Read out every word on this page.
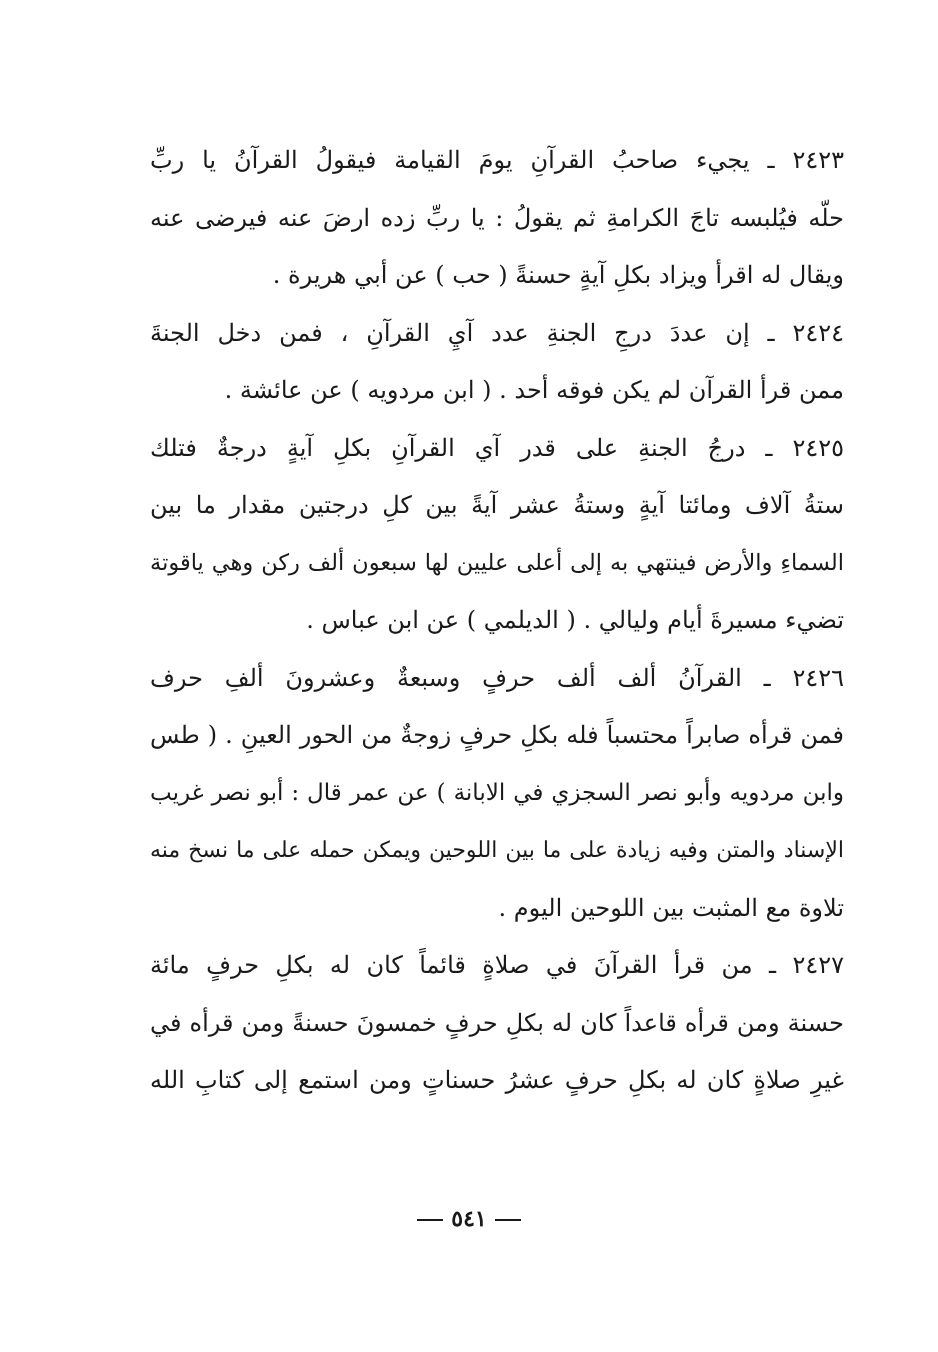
٢٤٢٣ ـ يجيء صاحبُ القرآنِ يومَ القيامة فيقولُ القرآنُ يا ربِّ
حلّه فيُلبسه تاجَ الكرامةِ ثم يقولُ : يا ربِّ زده ارضَ عنه فيرضى عنه
ويقال له اقرأ ويزاد بكلِ آيةٍ حسنةً ( حب ) عن أبي هريرة .
٢٤٢٤ ـ إن عددَ درجِ الجنةِ عدد آيِ القرآنِ ، فمن دخل الجنةَ
ممن قرأ القرآن لم يكن فوقه أحد . ( ابن مردويه ) عن عائشة .
٢٤٢٥ ـ درجُ الجنةِ على قدر آي القرآنِ بكلِ آيةٍ درجةٌ فتلك
ستةُ آلاف ومائتا آيةٍ وستةُ عشر آيةً بين كلِ درجتين مقدار ما بين
السماءِ والأرض فينتهي به إلى أعلى عليين لها سبعون ألف ركن وهي ياقوتة
تضيء مسيرةَ أيام وليالي . ( الديلمي ) عن ابن عباس .
٢٤٢٦ ـ القرآنُ ألف ألف حرفٍ وسبعةٌ وعشرونَ ألفِ حرف
فمن قرأه صابراً محتسباً فله بكلِ حرفٍ زوجةٌ من الحور العينِ . ( طس
وابن مردويه وأبو نصر السجزي في الابانة ) عن عمر قال : أبو نصر غريب
الإسناد والمتن وفيه زيادة على ما بين اللوحين ويمكن حمله على ما نسخ منه
تلاوة مع المثبت بين اللوحين اليوم .
٢٤٢٧ ـ من قرأ القرآنَ في صلاةٍ قائماً كان له بكلِ حرفٍ مائة
حسنة ومن قرأه قاعداً كان له بكلِ حرفٍ خمسونَ حسنةً ومن قرأه في
غيرِ صلاةٍ كان له بكلِ حرفٍ عشرُ حسناتٍ ومن استمع إلى كتابِ الله
٥٤١
